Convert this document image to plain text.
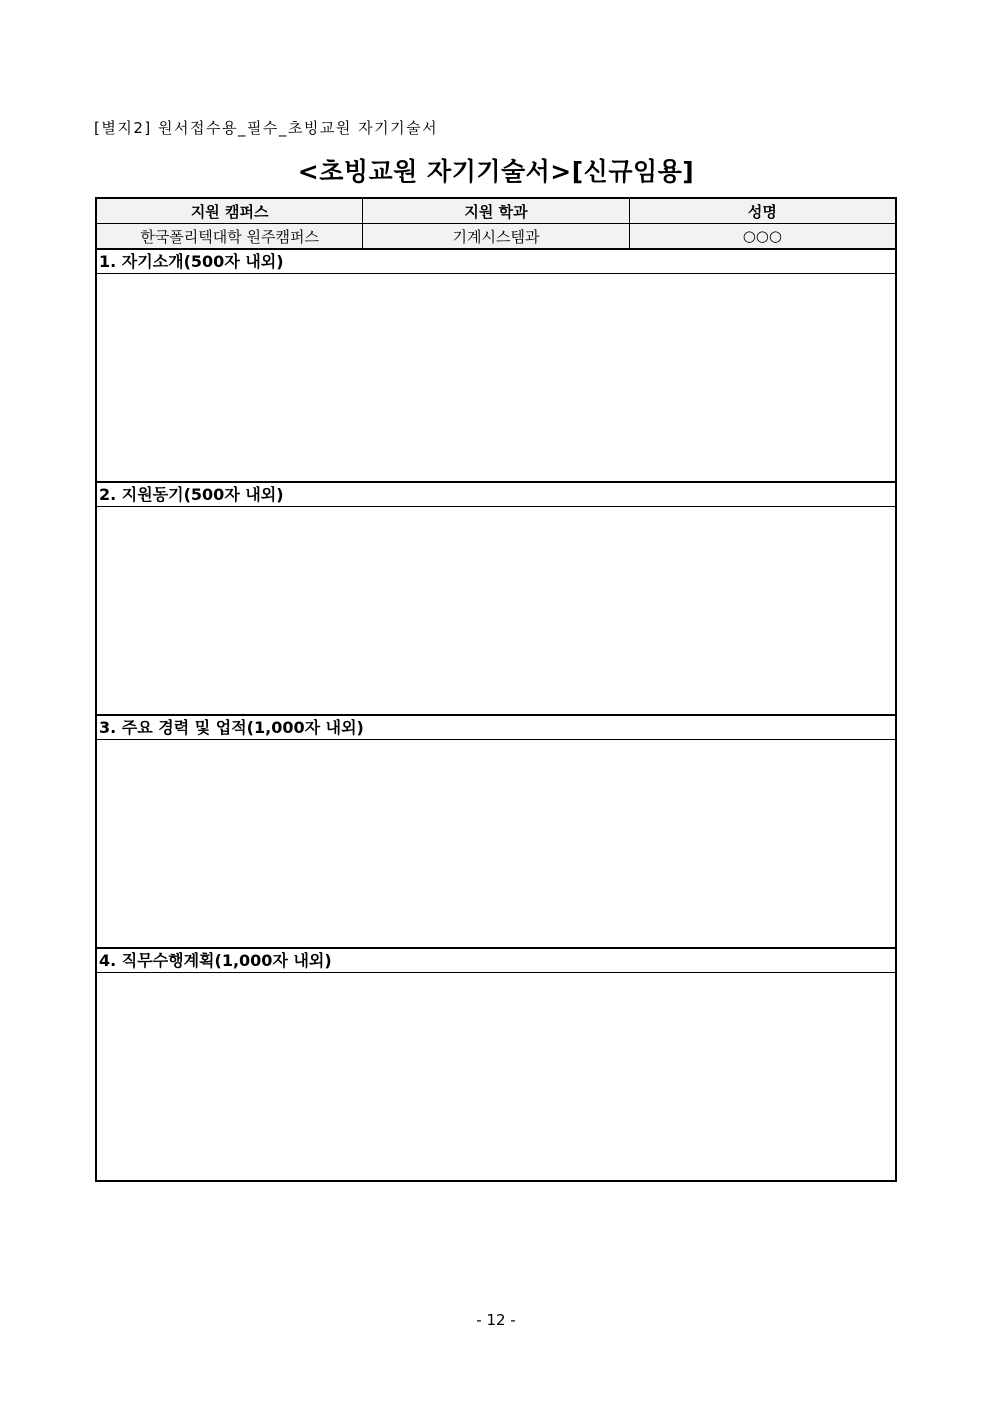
[별지2] 원서접수용_필수_초빙교원 자기기술서
<초빙교원 자기기술서>[신규임용]
지원 캠퍼스	지원 학과	성명
한국폴리텍대학 원주캠퍼스	기계시스템과	○○○
1. 자기소개(500자 내외)
2. 지원동기(500자 내외)
3. 주요 경력 및 업적(1,000자 내외)
4. 직무수행계획(1,000자 내외)
- 12 -
